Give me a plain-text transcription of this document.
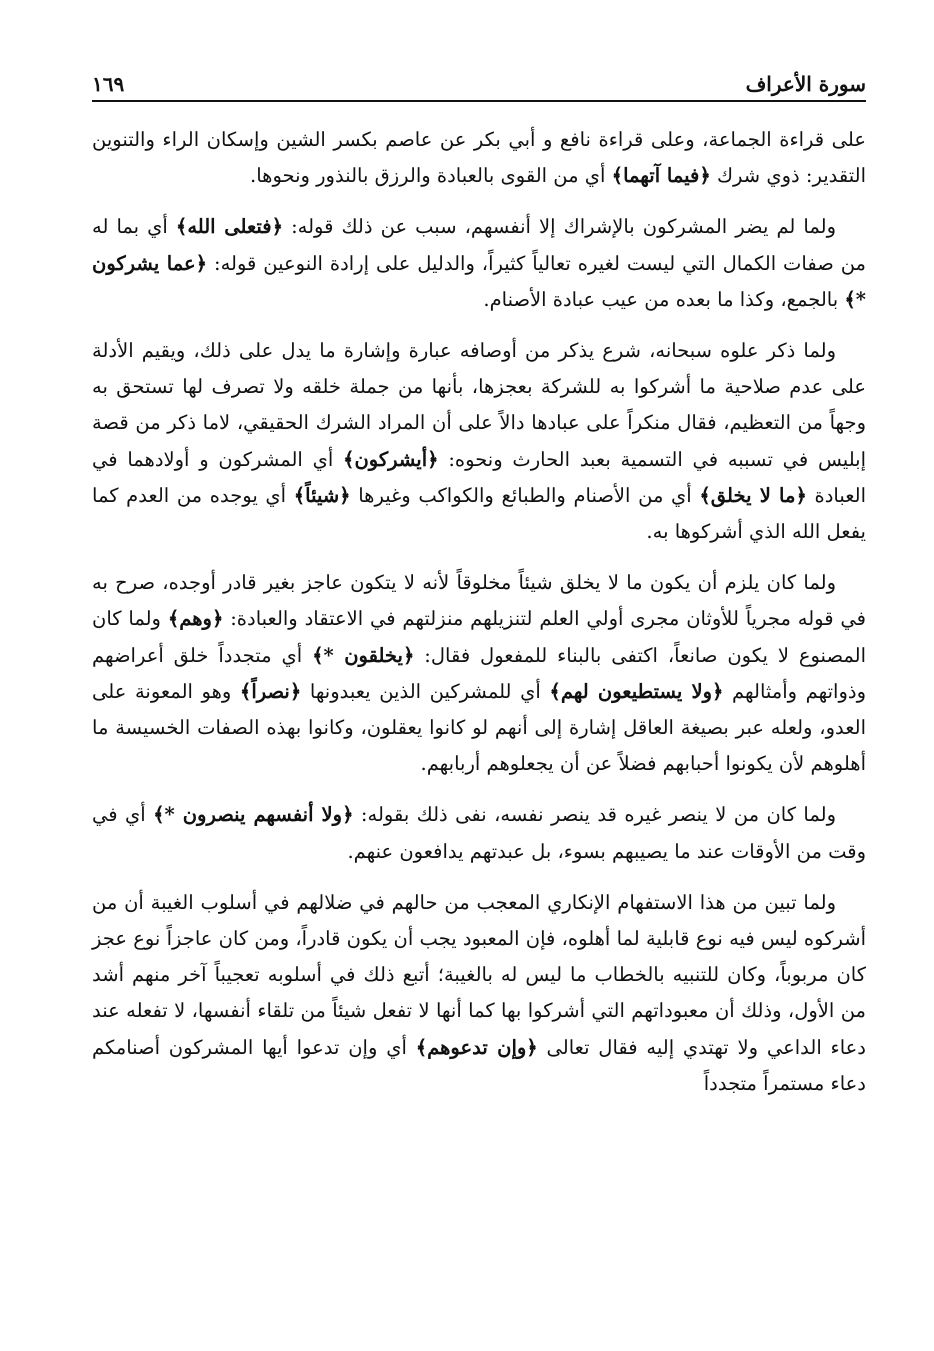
١٦٩	سورة الأعراف

على قراءة الجماعة، وعلى قراءة نافع و أبي بكر عن عاصم بكسر الشين وإسكان الراء والتنوين التقدير: ذوي شرك ﴿فيما آتهما﴾ أي من القوى بالعبادة والرزق بالنذور ونحوها.

ولما لم يضر المشركون بالإشراك إلا أنفسهم، سبب عن ذلك قوله: ﴿فتعلى الله﴾ أي بما له من صفات الكمال التي ليست لغيره تعالياً كثيراً، والدليل على إرادة النوعين قوله: ﴿عما يشركون *﴾ بالجمع، وكذا ما بعده من عيب عبادة الأصنام.

ولما ذكر علوه سبحانه، شرع يذكر من أوصافه عبارة وإشارة ما يدل على ذلك، ويقيم الأدلة على عدم صلاحية ما أشركوا به للشركة بعجزها، بأنها من جملة خلقه ولا تصرف لها تستحق به وجهاً من التعظيم، فقال منكراً على عبادها دالاً على أن المراد الشرك الحقيقي، لاما ذكر من قصة إبليس في تسببه في التسمية بعبد الحارث ونحوه: ﴿أيشركون﴾ أي المشركون و أولادهما في العبادة ﴿ما لا يخلق﴾ أي من الأصنام والطبائع والكواكب وغيرها ﴿شيئاً﴾ أي يوجده من العدم كما يفعل الله الذي أشركوها به.

ولما كان يلزم أن يكون ما لا يخلق شيئاً مخلوقاً لأنه لا يتكون عاجز بغير قادر أوجده، صرح به في قوله مجرياً للأوثان مجرى أولي العلم لتنزيلهم منزلتهم في الاعتقاد والعبادة: ﴿وهم﴾ ولما كان المصنوع لا يكون صانعاً، اكتفى بالبناء للمفعول فقال: ﴿يخلقون *﴾ أي متجدداً خلق أعراضهم وذواتهم وأمثالهم ﴿ولا يستطيعون لهم﴾ أي للمشركين الذين يعبدونها ﴿نصراً﴾ وهو المعونة على العدو، ولعله عبر بصيغة العاقل إشارة إلى أنهم لو كانوا يعقلون، وكانوا بهذه الصفات الخسيسة ما أهلوهم لأن يكونوا أحبابهم فضلاً عن أن يجعلوهم أربابهم.

ولما كان من لا ينصر غيره قد ينصر نفسه، نفى ذلك بقوله: ﴿ولا أنفسهم ينصرون *﴾ أي في وقت من الأوقات عند ما يصيبهم بسوء، بل عبدتهم يدافعون عنهم.

ولما تبين من هذا الاستفهام الإنكاري المعجب من حالهم في ضلالهم في أسلوب الغيبة أن من أشركوه ليس فيه نوع قابلية لما أهلوه، فإن المعبود يجب أن يكون قادراً، ومن كان عاجزاً نوع عجز كان مربوباً، وكان للتنبيه بالخطاب ما ليس له بالغيبة؛ أتبع ذلك في أسلوبه تعجيباً آخر منهم أشد من الأول، وذلك أن معبوداتهم التي أشركوا بها كما أنها لا تفعل شيئاً من تلقاء أنفسها، لا تفعله عند دعاء الداعي ولا تهتدي إليه فقال تعالى ﴿وإن تدعوهم﴾ أي وإن تدعوا أيها المشركون أصنامكم دعاء مستمراً متجدداً
